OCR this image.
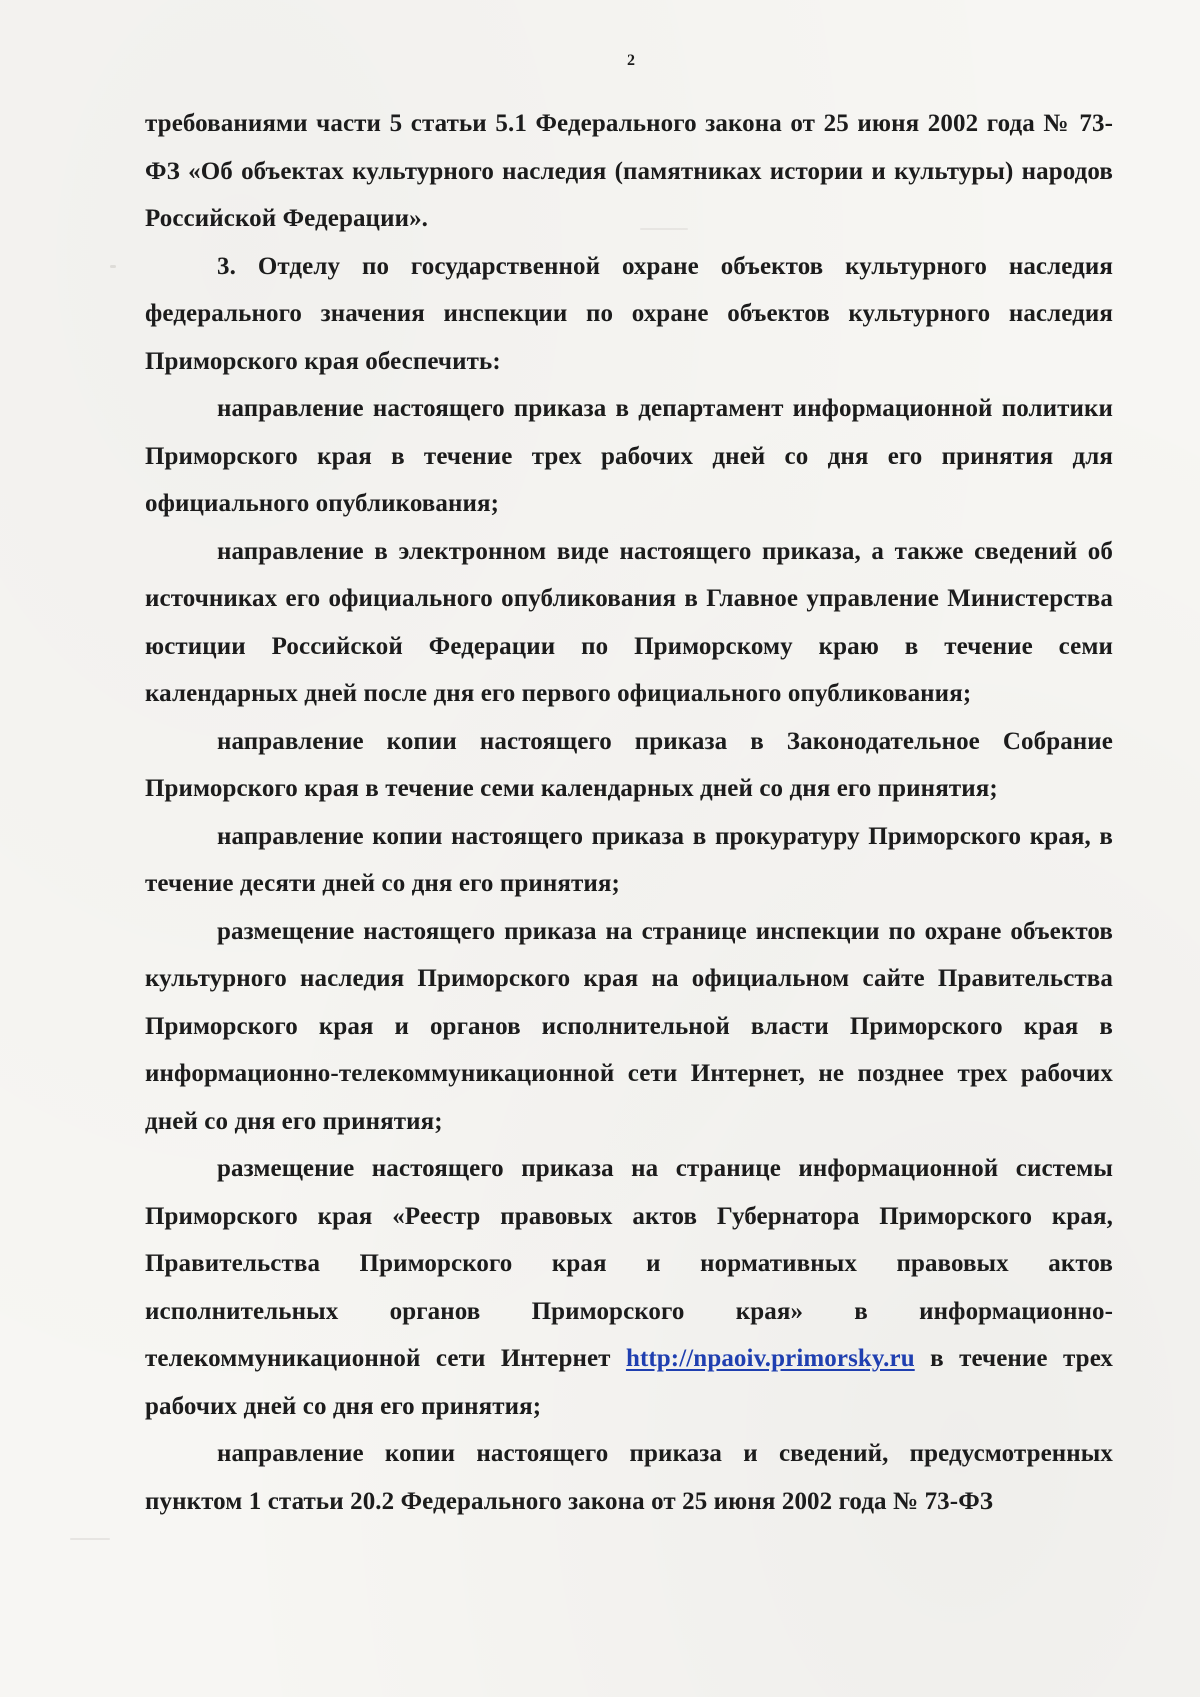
2

требованиями части 5 статьи 5.1 Федерального закона от 25 июня 2002 года № 73-ФЗ «Об объектах культурного наследия (памятниках истории и культуры) народов Российской Федерации».

3. Отделу по государственной охране объектов культурного наследия федерального значения инспекции по охране объектов культурного наследия Приморского края обеспечить:

направление настоящего приказа в департамент информационной политики Приморского края в течение трех рабочих дней со дня его принятия для официального опубликования;

направление в электронном виде настоящего приказа, а также сведений об источниках его официального опубликования в Главное управление Министерства юстиции Российской Федерации по Приморскому краю в течение семи календарных дней после дня его первого официального опубликования;

направление копии настоящего приказа в Законодательное Собрание Приморского края в течение семи календарных дней со дня его принятия;

направление копии настоящего приказа в прокуратуру Приморского края, в течение десяти дней со дня его принятия;

размещение настоящего приказа на странице инспекции по охране объектов культурного наследия Приморского края на официальном сайте Правительства Приморского края и органов исполнительной власти Приморского края в информационно-телекоммуникационной сети Интернет, не позднее трех рабочих дней со дня его принятия;

размещение настоящего приказа на странице информационной системы Приморского края «Реестр правовых актов Губернатора Приморского края, Правительства Приморского края и нормативных правовых актов исполнительных органов Приморского края» в информационно-телекоммуникационной сети Интернет http://npaoiv.primorsky.ru в течение трех рабочих дней со дня его принятия;

направление копии настоящего приказа и сведений, предусмотренных пунктом 1 статьи 20.2 Федерального закона от 25 июня 2002 года № 73-ФЗ
